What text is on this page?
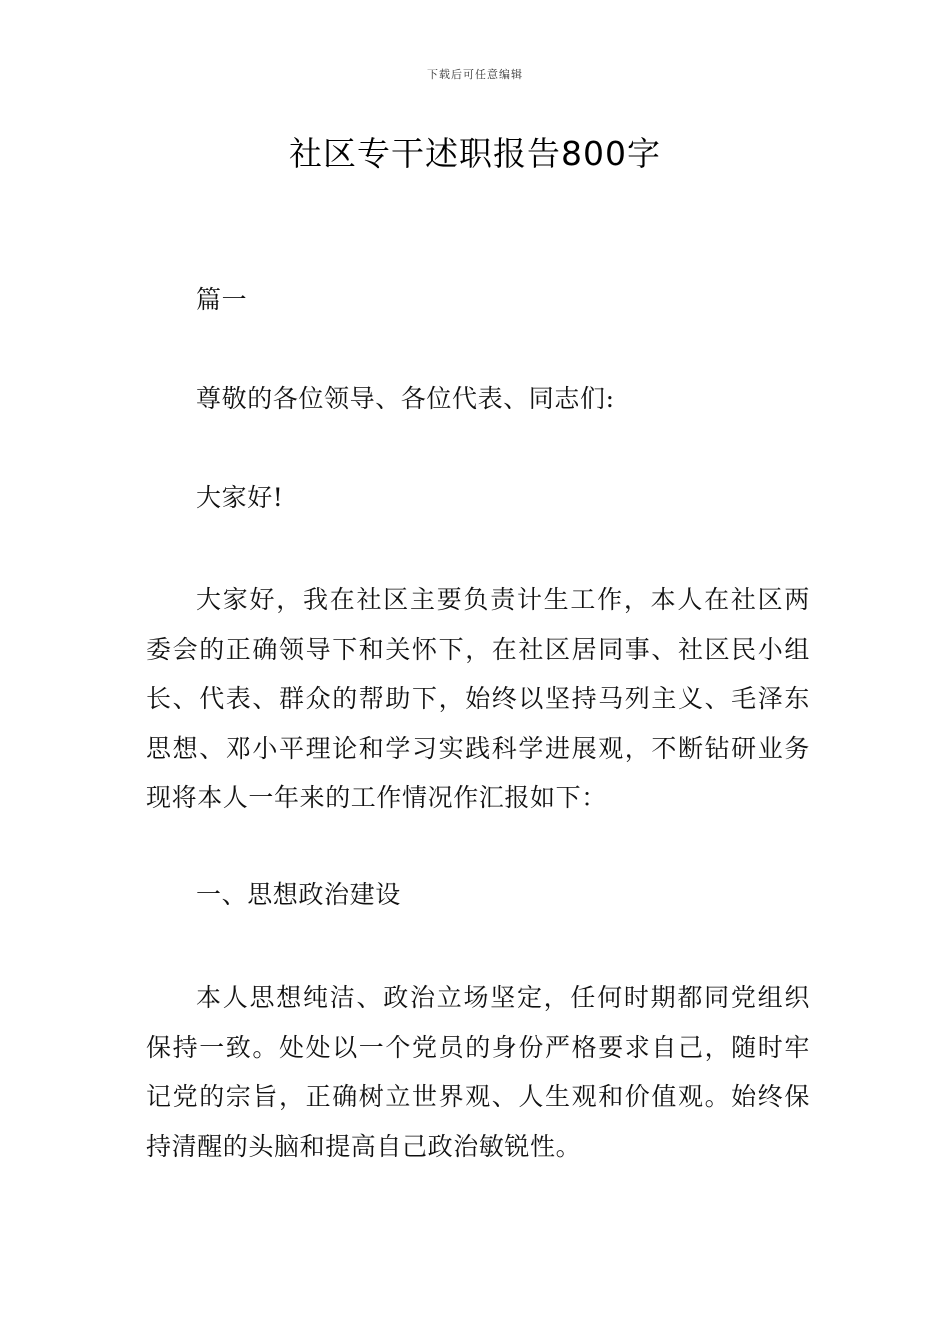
下载后可任意编辑
社区专干述职报告800字

篇一

尊敬的各位领导、各位代表、同志们:

大家好!

大家好，我在社区主要负责计生工作，本人在社区两委会的正确领导下和关怀下，在社区居同事、社区民小组长、代表、群众的帮助下，始终以坚持马列主义、毛泽东思想、邓小平理论和学习实践科学进展观，不断钻研业务现将本人一年来的工作情况作汇报如下：

一、思想政治建设

本人思想纯洁、政治立场坚定，任何时期都同党组织保持一致。处处以一个党员的身份严格要求自己，随时牢记党的宗旨，正确树立世界观、人生观和价值观。始终保持清醒的头脑和提高自己政治敏锐性。
